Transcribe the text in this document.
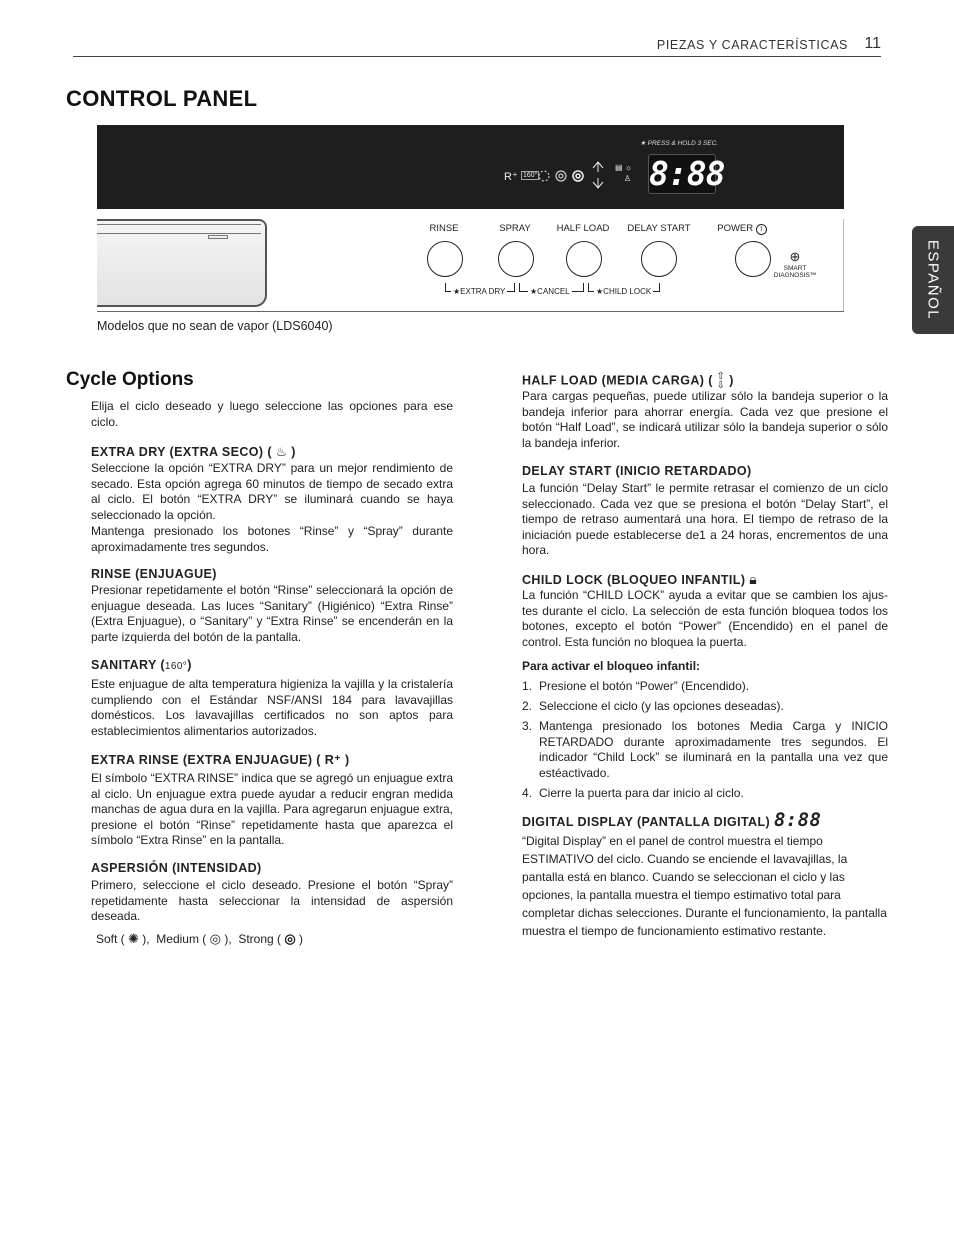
PIEZAS Y CARACTERÍSTICAS 11
ESPAÑOL
CONTROL PANEL
★ PRESS & HOLD 3 SEC.
R⁺ 160°
▤ ☼
♙ 8:88
RINSE	SPRAY	HALF LOAD	DELAY START	POWER I
★EXTRA DRY	★CANCEL	★CHILD LOCK
⊕
SMART DIAGNOSIS™
Modelos que no sean de vapor (LDS6040)
Cycle Options
Elija el ciclo deseado y luego seleccione las opciones para ese ciclo.
EXTRA DRY (EXTRA SECO) ( ♨ )
Seleccione la opción “EXTRA DRY” para un mejor rendimiento de secado. Esta opción agrega 60 minutos de tiempo de secado extra al ciclo. El botón “EXTRA DRY” se iluminará cuando se haya seleccionado la opción.
Mantenga presionado los botones “Rinse” y “Spray” durante aproximadamente tres segundos.
RINSE (ENJUAGUE)
Presionar repetidamente el botón “Rinse” seleccionará la opción de enjuague deseada. Las luces “Sanitary” (Higiénico) “Extra Rinse” (Extra Enjuague), o “Sanitary” y “Extra Rinse” se encenderán en la parte izquierda del botón de la pantalla.
SANITARY (160°)
Este enjuague de alta temperatura higieniza la vajilla y la cristalería cumpliendo con el Estándar NSF/ANSI 184 para lavavajillas domésticos. Los lavavajillas certificados no son aptos para establecimientos alimentarios autorizados.
EXTRA RINSE (EXTRA ENJUAGUE) ( R⁺ )
El símbolo “EXTRA RINSE” indica que se agregó un enjuague extra al ciclo. Un enjuague extra puede ayudar a reducir engran medida manchas de agua dura en la vajilla. Para agregarun enjuague extra, presione el botón “Rinse” repetidamente hasta que aparezca el símbolo “Extra Rinse” en la pantalla.
ASPERSIÓN (INTENSIDAD)
Primero, seleccione el ciclo deseado. Presione el botón “Spray” repetidamente hasta seleccionar la intensidad de aspersión deseada.
Soft ( ✺ ),  Medium ( ◎ ),  Strong ( ◎ )
HALF LOAD (MEDIA CARGA) ( ⇧
⇩ )
Para cargas pequeñas, puede utilizar sólo la bandeja superior o la bandeja inferior para ahorrar energía. Cada vez que presione el botón “Half Load”, se indicará utilizar sólo la bandeja superior o sólo la bandeja inferior.
DELAY START (INICIO RETARDADO)
La función “Delay Start” le permite retrasar el comienzo de un ciclo seleccionado. Cada vez que se presiona el botón “Delay Start”, el tiempo de retraso aumentará una hora. El tiempo de retraso de la iniciación puede establecerse de1 a 24 horas, encrementos de una hora.
CHILD LOCK (BLOQUEO INFANTIL) 🔒︎
La función “CHILD LOCK” ayuda a evitar que se cambien los ajus-tes durante el ciclo. La selección de esta función bloquea todos los botones, excepto el botón “Power” (Encendido) en el panel de control. Esta función no bloquea la puerta.
Para activar el bloqueo infantil:
1. Presione el botón “Power” (Encendido).
2. Seleccione el ciclo (y las opciones deseadas).
3. Mantenga presionado los botones Media Carga y INICIO RETARDADO durante aproximadamente tres segundos. El indicador “Child Lock” se iluminará en la pantalla una vez que estéactivado.
4. Cierre la puerta para dar inicio al ciclo.
DIGITAL DISPLAY (PANTALLA DIGITAL) 8:88
“Digital Display” en el panel de control muestra el tiempo ESTIMATIVO del ciclo. Cuando se enciende el lavavajillas, la pantalla está en blanco. Cuando se seleccionan el ciclo y las opciones, la pantalla muestra el tiempo estimativo total para completar dichas selecciones. Durante el funcionamiento, la pantalla muestra el tiempo de funcionamiento estimativo restante.
